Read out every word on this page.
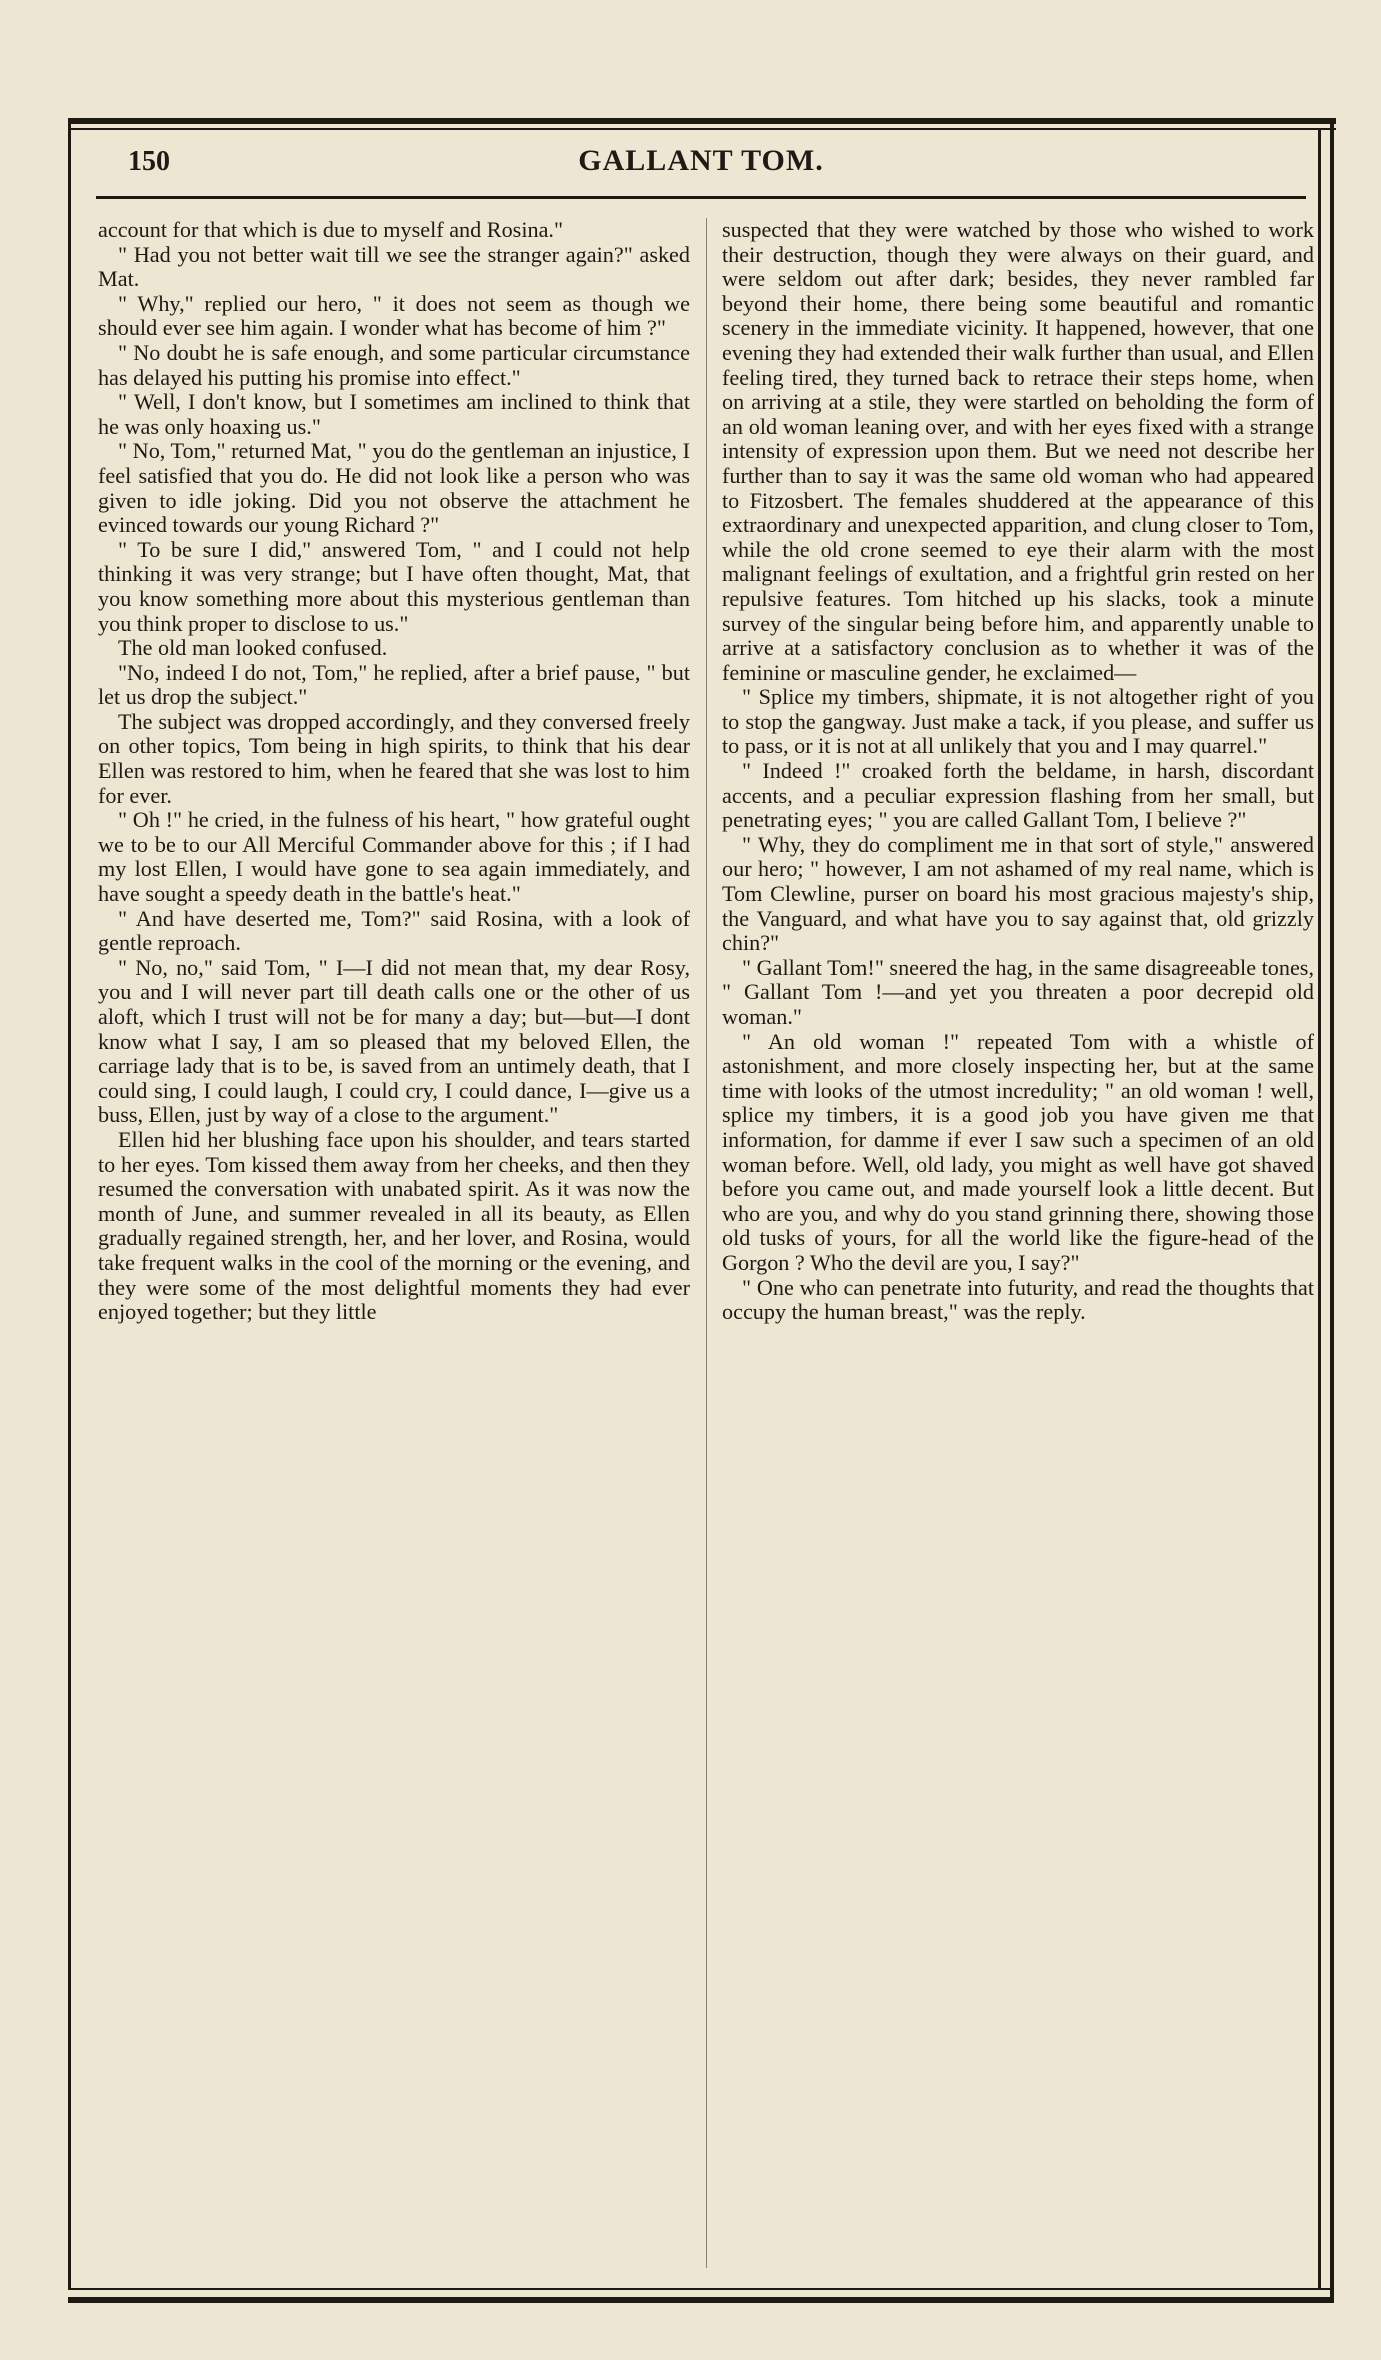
150	GALLANT TOM.

account for that which is due to myself and Rosina."

" Had you not better wait till we see the stranger again?" asked Mat.

" Why," replied our hero, " it does not seem as though we should ever see him again. I wonder what has become of him ?"

" No doubt he is safe enough, and some particular circumstance has delayed his putting his promise into effect."

" Well, I don't know, but I sometimes am inclined to think that he was only hoaxing us."

" No, Tom," returned Mat, " you do the gentleman an injustice, I feel satisfied that you do. He did not look like a person who was given to idle joking. Did you not observe the attachment he evinced towards our young Richard ?"

" To be sure I did," answered Tom, " and I could not help thinking it was very strange; but I have often thought, Mat, that you know something more about this mysterious gentleman than you think proper to disclose to us."

The old man looked confused.

"No, indeed I do not, Tom," he replied, after a brief pause, " but let us drop the subject."

The subject was dropped accordingly, and they conversed freely on other topics, Tom being in high spirits, to think that his dear Ellen was restored to him, when he feared that she was lost to him for ever.

" Oh !" he cried, in the fulness of his heart, " how grateful ought we to be to our All Merciful Commander above for this ; if I had my lost Ellen, I would have gone to sea again immediately, and have sought a speedy death in the battle's heat."

" And have deserted me, Tom?" said Rosina, with a look of gentle reproach.

" No, no," said Tom, " I—I did not mean that, my dear Rosy, you and I will never part till death calls one or the other of us aloft, which I trust will not be for many a day; but—but—I dont know what I say, I am so pleased that my beloved Ellen, the carriage lady that is to be, is saved from an untimely death, that I could sing, I could laugh, I could cry, I could dance, I—give us a buss, Ellen, just by way of a close to the argument."

Ellen hid her blushing face upon his shoulder, and tears started to her eyes. Tom kissed them away from her cheeks, and then they resumed the conversation with unabated spirit. As it was now the month of June, and summer revealed in all its beauty, as Ellen gradually regained strength, her, and her lover, and Rosina, would take frequent walks in the cool of the morning or the evening, and they were some of the most delightful moments they had ever enjoyed together; but they little

suspected that they were watched by those who wished to work their destruction, though they were always on their guard, and were seldom out after dark; besides, they never rambled far beyond their home, there being some beautiful and romantic scenery in the immediate vicinity. It happened, however, that one evening they had extended their walk further than usual, and Ellen feeling tired, they turned back to retrace their steps home, when on arriving at a stile, they were startled on beholding the form of an old woman leaning over, and with her eyes fixed with a strange intensity of expression upon them. But we need not describe her further than to say it was the same old woman who had appeared to Fitzosbert. The females shuddered at the appearance of this extraordinary and unexpected apparition, and clung closer to Tom, while the old crone seemed to eye their alarm with the most malignant feelings of exultation, and a frightful grin rested on her repulsive features. Tom hitched up his slacks, took a minute survey of the singular being before him, and apparently unable to arrive at a satisfactory conclusion as to whether it was of the feminine or masculine gender, he exclaimed—

" Splice my timbers, shipmate, it is not altogether right of you to stop the gangway. Just make a tack, if you please, and suffer us to pass, or it is not at all unlikely that you and I may quarrel."

" Indeed !" croaked forth the beldame, in harsh, discordant accents, and a peculiar expression flashing from her small, but penetrating eyes; " you are called Gallant Tom, I believe ?"

" Why, they do compliment me in that sort of style," answered our hero; " however, I am not ashamed of my real name, which is Tom Clewline, purser on board his most gracious majesty's ship, the Vanguard, and what have you to say against that, old grizzly chin?"

" Gallant Tom!" sneered the hag, in the same disagreeable tones, " Gallant Tom !—and yet you threaten a poor decrepid old woman."

" An old woman !" repeated Tom with a whistle of astonishment, and more closely inspecting her, but at the same time with looks of the utmost incredulity; " an old woman ! well, splice my timbers, it is a good job you have given me that information, for damme if ever I saw such a specimen of an old woman before. Well, old lady, you might as well have got shaved before you came out, and made yourself look a little decent. But who are you, and why do you stand grinning there, showing those old tusks of yours, for all the world like the figure-head of the Gorgon ? Who the devil are you, I say?"

" One who can penetrate into futurity, and read the thoughts that occupy the human breast," was the reply.
